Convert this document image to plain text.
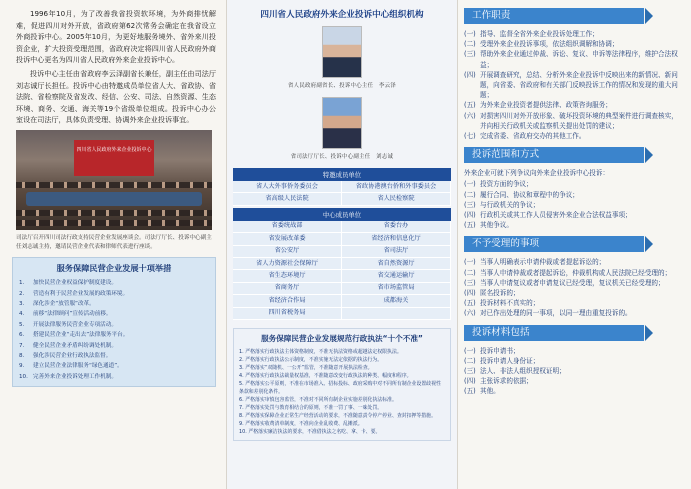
1996年10月，为了改善我省投资软环境，为外商排忧解难，促进四川对外开放，省政府第62次常务会确定在我省设立外商投诉中心。2005年10月，为更好地服务境外、省外来川投资企业，扩大投资受理范围，省政府决定将四川省人民政府外商投诉中心更名为四川省人民政府外来企业投诉中心。

投诉中心主任由省政府李云泽副省长兼任，副主任由司法厅刘志诚厅长担任。投诉中心由特邀成员单位省人大、省政协、省法院、省检察院及省发改、经信、公安、司法、自然资源、生态环境、商务、交通、海关等19个省级单位组成。投诉中心办公室设在司法厅，具体负责受理、协调外来企业投诉事宜。

四川省人民政府外来企业投诉中心
司法厅召开四川司法行政支持民营企业发展座谈会。司法厅厅长、投诉中心副主任刘志诚主持，邀请民营企业代表和律师代表进行座谈。
服务保障民营企业发展十项举措
1.	加快民营企业权益保护制度建设。
2.	营造有利于民营企业发展的政策环境。
3.	深化涉企“放管服”改革。
4.	前移“法律顾问”宣传活动前移。
5.	开展法律服务民营企业专项活动。
6.	搭建民营企业“走出去”法律服务平台。
7.	健全民营企业矛盾纠纷调处机制。
8.	强化涉民营企业行政执法监督。
9.	建立民营企业法律服务“绿色通道”。
10. 完善外来企业投诉处理工作机制。
四川省人民政府外来企业投诉中心组织机构
省人民政府副省长、投诉中心主任　李云泽
省司法厅厅长、投诉中心副主任　刘志诚
特邀成员单位
省人大外事侨务委员会	省政协港澳台侨和外事委员会
省高级人民法院	省人民检察院
中心成员单位
省委统战部	省委台办
省发展改革委	省经济和信息化厅
省公安厅	省司法厅
省人力资源社会保障厅	省自然资源厅
省生态环境厅	省交通运输厅
省商务厅	省市场监管局
省经济合作局	成都海关
四川省税务局
服务保障民营企业发展规范行政执法“十个不准”
1. 严格落实行政执法主体资格制度，不准无执法资格或超越法定权限执法。
2. 严格落实行政执法公示制度，不准实施无法定依据的执法行为。
3. 严格落实“双随机、一公开”监管，不准随意开展执法检查。
4. 严格落实行政执法裁量权基准，不准随意改变行政执法的种类、幅度和程序。
5. 严格落实公平原则，不准在市场准入、招标投标、政府采购中对不同所有制企业设置歧视性条款和差别化条件。
6. 严格落实审慎包容监管，不准对不同所有制企业实施差别化执法标准。
7. 严格落实处罚与教育相结合的原则，不准一罚了事、一味处罚。
8. 严格落实保障企业正常生产经营活动的要求，不准随意责令停产停业、查封扣押等措施。
9. 严格落实收费清单制度，不准向企业乱收费、乱摊派。
10. 严格落实廉洁执法的要求，不准借执法之名吃、拿、卡、要。
工作职责
(一) 指导、监督全省外来企业投诉处理工作；
(二) 受理外来企业投诉事项，依法组织调解和协调；
(三) 帮助外来企业通过仲裁、诉讼、复议、申诉等法律程序，维护合法权益；
(四) 开展调查研究，总结、分析外来企业投诉中反映出来的新情况、新问题，向省委、省政府和有关部门反映投诉工作的情况和发现的重大问题；
(五) 为外来企业投资者提供法律、政策咨询服务；
(六) 对损害四川对外开放形象、破坏投资环境的典型案件进行调查核实，并向相关行政机关或监察机关提出处罚的建议；
(七) 完成省委、省政府交办的其他工作。
投诉范围和方式
外来企业可就下列争议向外来企业投诉中心投诉：
(一) 投资方面的争议；
(二) 履行合同、协议和章程中的争议；
(三) 与行政机关的争议；
(四) 行政机关或其工作人员侵害外来企业合法权益事项；
(五) 其他争议。
不予受理的事项
(一) 当事人明确表示申请仲裁或者提起诉讼的；
(二) 当事人申请仲裁或者提起诉讼，仲裁机构或人民法院已经受理的；
(三) 当事人申请复议或者申请复议已经受理，复议机关已经受理的；
(四) 匿名投诉的；
(五) 投诉材料不真实的；
(六) 对已作出处理的同一事项，以同一理由重复投诉的。
投诉材料包括
(一) 投诉申请书；
(二) 投诉申请人身份证；
(三) 法人、非法人组织授权证明；
(四) 主张诉求的依据；
(五) 其他。
